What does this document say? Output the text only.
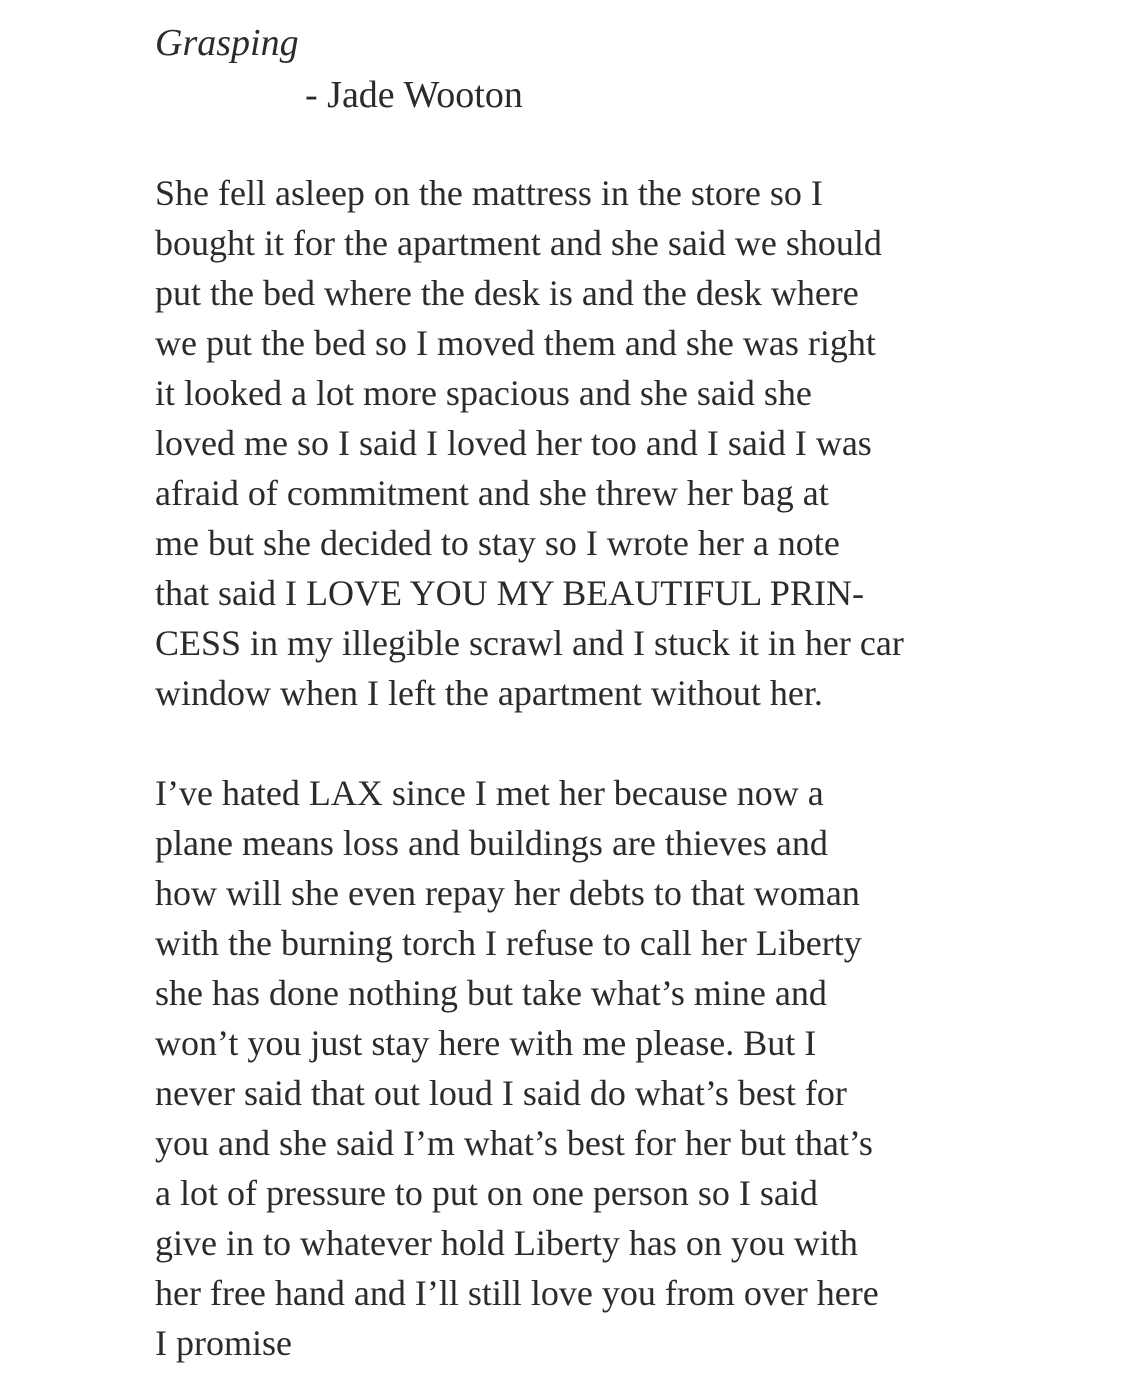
Grasping

- Jade Wooton

She fell asleep on the mattress in the store so I
bought it for the apartment and she said we should
put the bed where the desk is and the desk where
we put the bed so I moved them and she was right
it looked a lot more spacious and she said she
loved me so I said I loved her too and I said I was
afraid of commitment and she threw her bag at
me but she decided to stay so I wrote her a note
that said I LOVE YOU MY BEAUTIFUL PRIN-
CESS in my illegible scrawl and I stuck it in her car
window when I left the apartment without her.

I’ve hated LAX since I met her because now a
plane means loss and buildings are thieves and
how will she even repay her debts to that woman
with the burning torch I refuse to call her Liberty
she has done nothing but take what’s mine and
won’t you just stay here with me please. But I
never said that out loud I said do what’s best for
you and she said I’m what’s best for her but that’s
a lot of pressure to put on one person so I said
give in to whatever hold Liberty has on you with
her free hand and I’ll still love you from over here
I promise
